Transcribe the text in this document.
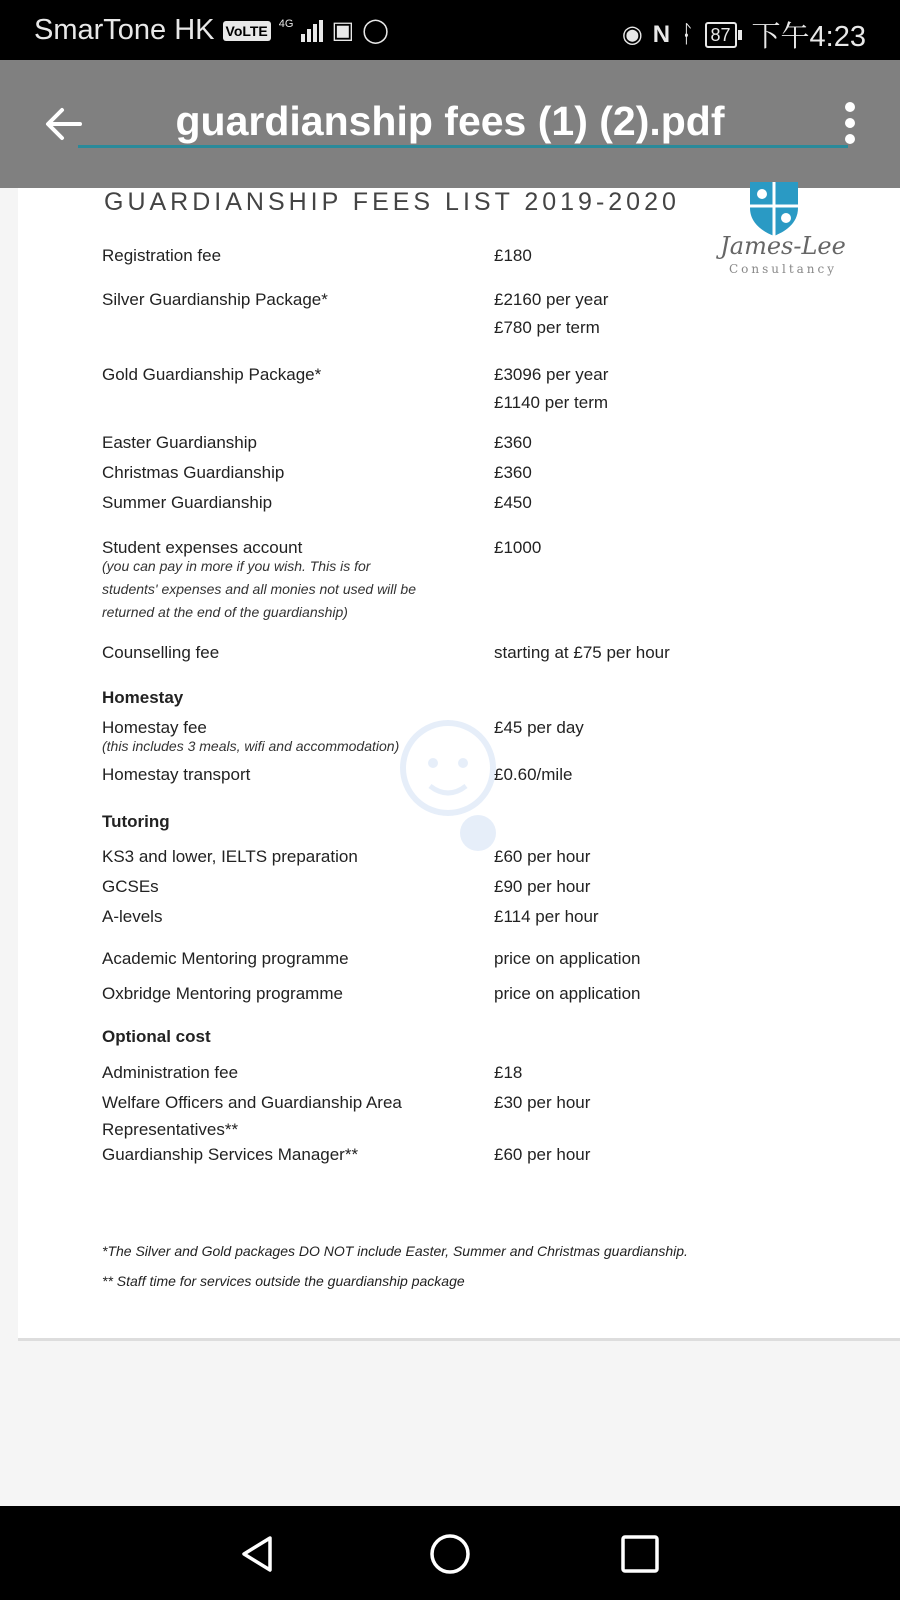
SmarTone HK VoLTE 4G ▣ ◯	◉ N ᛛ 87 下午4:23
guardianship fees (1) (2).pdf
GUARDIANSHIP FEES LIST 2019-2020
James-Lee
Consultancy
Registration fee	£180
Silver Guardianship Package*	£2160 per year
£780 per term
Gold Guardianship Package*	£3096 per year
£1140 per term
Easter Guardianship	£360
Christmas Guardianship	£360
Summer Guardianship	£450
Student expenses account	£1000
(you can pay in more if you wish. This is for
students' expenses and all monies not used will be
returned at the end of the guardianship)
Counselling fee	starting at £75 per hour
Homestay
Homestay fee	£45 per day
(this includes 3 meals, wifi and accommodation)
Homestay transport	£0.60/mile
Tutoring
KS3 and lower, IELTS preparation	£60 per hour
GCSEs	£90 per hour
A-levels	£114 per hour
Academic Mentoring programme	price on application
Oxbridge Mentoring programme	price on application
Optional cost
Administration fee	£18
Welfare Officers and Guardianship Area	£30 per hour
Representatives**
Guardianship Services Manager**	£60 per hour
*The Silver and Gold packages DO NOT include Easter, Summer and Christmas guardianship.
** Staff time for services outside the guardianship package
